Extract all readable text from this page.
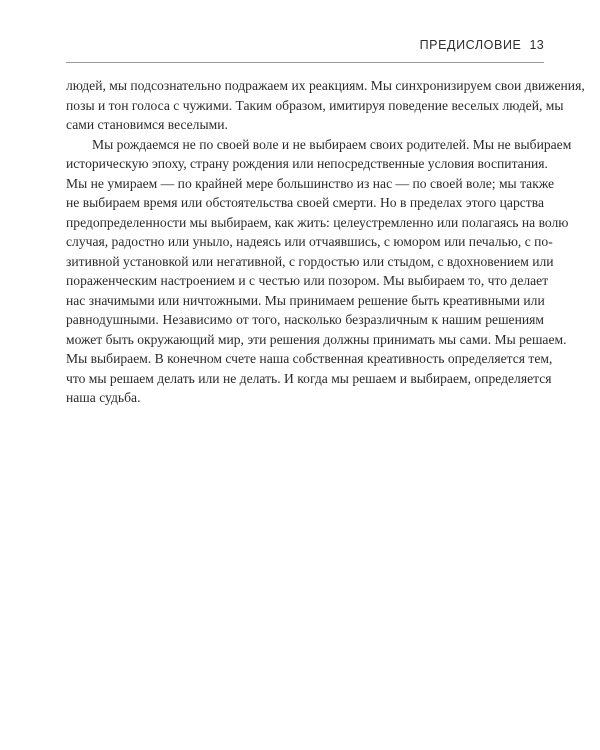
ПРЕДИСЛОВИЕ 13

людей, мы подсознательно подражаем их реакциям. Мы синхронизируем свои движения,
позы и тон голоса с чужими. Таким образом, имитируя поведение веселых людей, мы
сами становимся веселыми.

Мы рождаемся не по своей воле и не выбираем своих родителей. Мы не выбираем
историческую эпоху, страну рождения или непосредственные условия воспитания.
Мы не умираем — по крайней мере большинство из нас — по своей воле; мы также
не выбираем время или обстоятельства своей смерти. Но в пределах этого царства
предопределенности мы выбираем, как жить: целеустремленно или полагаясь на волю
случая, радостно или уныло, надеясь или отчаявшись, с юмором или печалью, с по-
зитивной установкой или негативной, с гордостью или стыдом, с вдохновением или
пораженческим настроением и с честью или позором. Мы выбираем то, что делает
нас значимыми или ничтожными. Мы принимаем решение быть креативными или
равнодушными. Независимо от того, насколько безразличным к нашим решениям
может быть окружающий мир, эти решения должны принимать мы сами. Мы решаем.
Мы выбираем. В конечном счете наша собственная креативность определяется тем,
что мы решаем делать или не делать. И когда мы решаем и выбираем, определяется
наша судьба.
